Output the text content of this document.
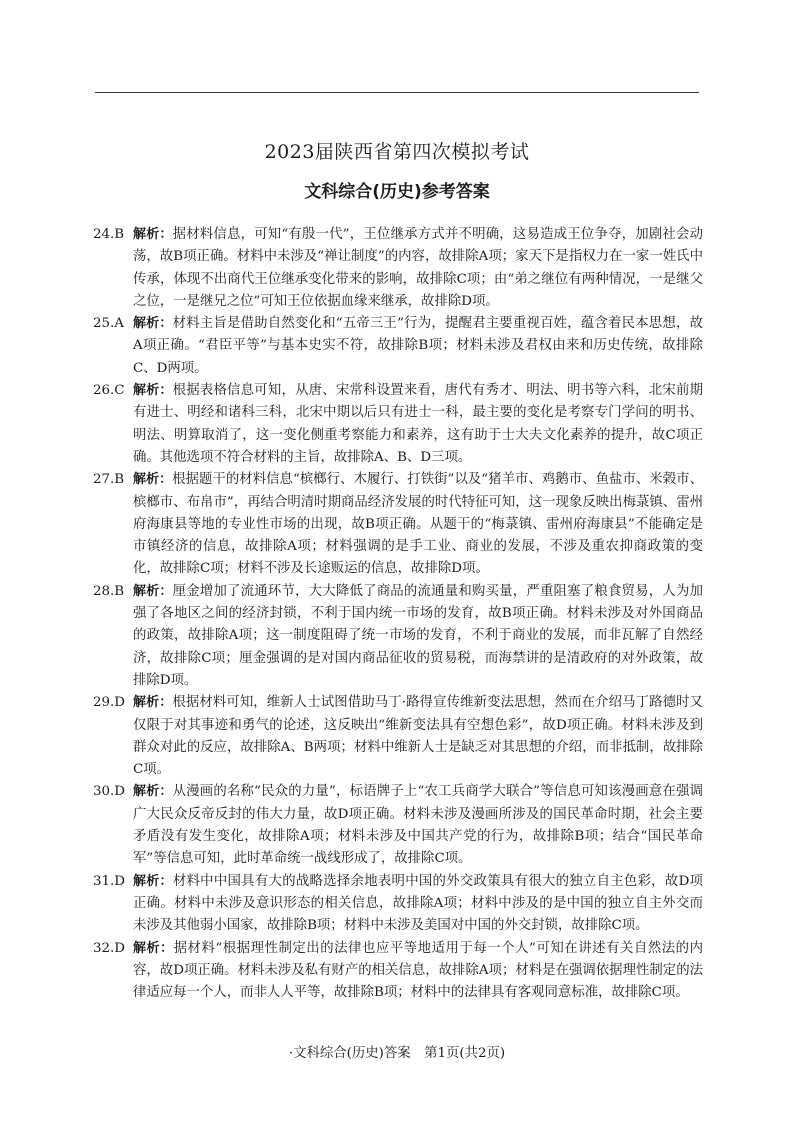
2023届陕西省第四次模拟考试
文科综合(历史)参考答案
24.B 解析：据材料信息，可知“有殷一代”，王位继承方式并不明确，这易造成王位争夺，加剧社会动荡，故B项正确。材料中未涉及“禅让制度”的内容，故排除A项；家天下是指权力在一家一姓氏中传承，体现不出商代王位继承变化带来的影响，故排除C项；由“弟之继位有两种情况，一是继父之位，一是继兄之位”可知王位依据血缘来继承，故排除D项。
25.A 解析：材料主旨是借助自然变化和“五帝三王”行为，提醒君主要重视百姓，蕴含着民本思想，故A项正确。“君臣平等”与基本史实不符，故排除B项；材料未涉及君权由来和历史传统，故排除C、D两项。
26.C 解析：根据表格信息可知，从唐、宋常科设置来看，唐代有秀才、明法、明书等六科，北宋前期有进士、明经和诸科三科，北宋中期以后只有进士一科，最主要的变化是考察专门学问的明书、明法、明算取消了，这一变化侧重考察能力和素养，这有助于士大夫文化素养的提升，故C项正确。其他选项不符合材料的主旨，故排除A、B、D三项。
27.B 解析：根据题干的材料信息“槟榔行、木履行、打铁街”以及“猪羊市、鸡鹅市、鱼盐市、米榖市、槟榔市、布帛市”，再结合明清时期商品经济发展的时代特征可知，这一现象反映出梅菉镇、雷州府海康县等地的专业性市场的出现，故B项正确。从题干的“梅菉镇、雷州府海康县”不能确定是市镇经济的信息，故排除A项；材料强调的是手工业、商业的发展，不涉及重农抑商政策的变化，故排除C项；材料不涉及长途贩运的信息，故排除D项。
28.B 解析：厘金增加了流通环节，大大降低了商品的流通量和购买量，严重阻塞了粮食贸易，人为加强了各地区之间的经济封锁，不利于国内统一市场的发育，故B项正确。材料未涉及对外国商品的政策，故排除A项；这一制度阻碍了统一市场的发育，不利于商业的发展，而非瓦解了自然经济，故排除C项；厘金强调的是对国内商品征收的贸易税，而海禁讲的是清政府的对外政策，故排除D项。
29.D 解析：根据材料可知，维新人士试图借助马丁·路得宣传维新变法思想，然而在介绍马丁路德时又仅限于对其事迹和勇气的论述，这反映出“维新变法具有空想色彩”，故D项正确。材料未涉及到群众对此的反应，故排除A、B两项；材料中维新人士是缺乏对其思想的介绍，而非抵制，故排除C项。
30.D 解析：从漫画的名称“民众的力量”，标语牌子上“农工兵商学大联合”等信息可知该漫画意在强调广大民众反帝反封的伟大力量，故D项正确。材料未涉及漫画所涉及的国民革命时期，社会主要矛盾没有发生变化，故排除A项；材料未涉及中国共产党的行为，故排除B项；结合“国民革命军”等信息可知，此时革命统一战线形成了，故排除C项。
31.D 解析：材料中中国具有大的战略选择余地表明中国的外交政策具有很大的独立自主色彩，故D项正确。材料中未涉及意识形态的相关信息，故排除A项；材料中涉及的是中国的独立自主外交而未涉及其他弱小国家，故排除B项；材料中未涉及美国对中国的外交封锁，故排除C项。
32.D 解析：据材料“根据理性制定出的法律也应平等地适用于每一个人”可知在讲述有关自然法的内容，故D项正确。材料未涉及私有财产的相关信息，故排除A项；材料是在强调依据理性制定的法律适应每一个人，而非人人平等，故排除B项；材料中的法律具有客观同意标准，故排除C项。
·文科综合(历史)答案　第1页(共2页)
